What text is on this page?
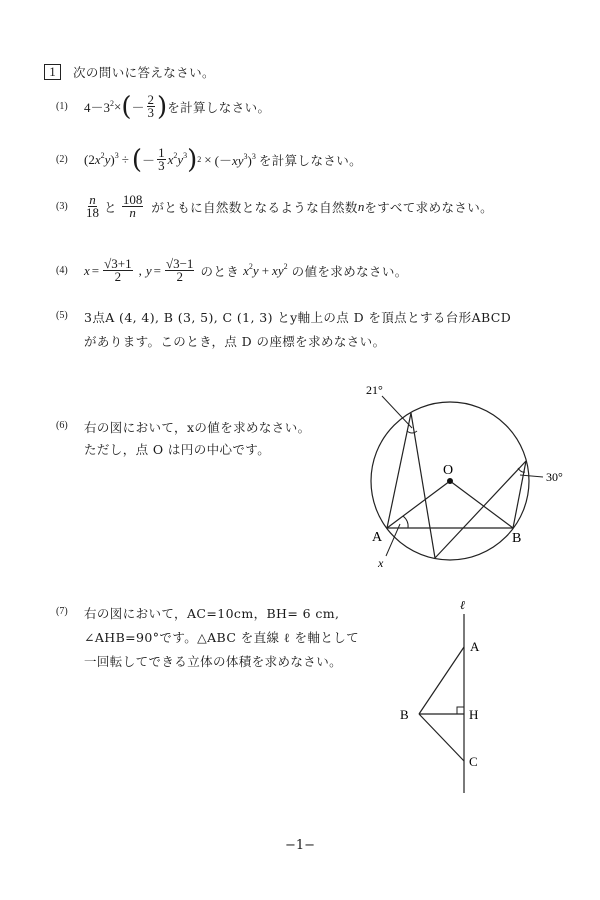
1	次の問いに答えなさい。
(1)	$4-3^2$ × ( － $\frac{2}{3}$ ) を計算しなさい。
(2)	$(2x^2y)^3$ ÷ ( － $\frac{1}{3} x^2y^3$ ) $2 \times (-xy^3)^3$ を計算しなさい。
(3)	$\frac{n}{18}$ と $\frac{108}{n}$ がともに自然数となるような自然数 n をすべて求めなさい。
(4)	$x = \frac{√3+1}{2}$ , $y = \frac{√3-1}{2}$ のとき $x^2y + xy^2$ の値を求めなさい。
(5) 3点A (4, 4), B (3, 5), C (1, 3) とy軸上の点 D を頂点とする台形ABCD
があります。このとき，点 D の座標を求めなさい。
(6) 右の図において，xの値を求めなさい。
ただし，点 O は円の中心です。
21°
30°
O
A	B
x
(7) 右の図において，AC=10cm，BH= 6 cm,
∠AHB=90°です。△ABC を直線 ℓ を軸として
一回転してできる立体の体積を求めなさい。
ℓ
A
B	H
C
−1−
